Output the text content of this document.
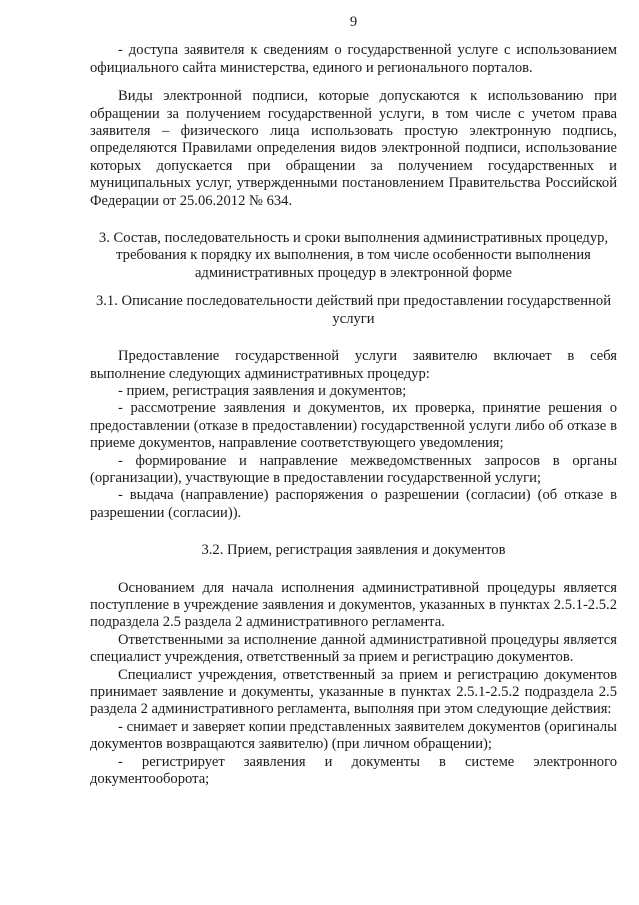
9

- доступа заявителя к сведениям о государственной услуге с использованием официального сайта министерства, единого и регионального порталов.

Виды электронной подписи, которые допускаются к использованию при обращении за получением государственной услуги, в том числе с учетом права заявителя – физического лица использовать простую электронную подпись, определяются Правилами определения видов электронной подписи, использование которых допускается при обращении за получением государственных и муниципальных услуг, утвержденными постановлением Правительства Российской Федерации от 25.06.2012 № 634.

3. Состав, последовательность и сроки выполнения административных процедур, требования к порядку их выполнения, в том числе особенности выполнения административных процедур в электронной форме

3.1. Описание последовательности действий при предоставлении государственной услуги

Предоставление государственной услуги заявителю включает в себя выполнение следующих административных процедур:

- прием, регистрация заявления и документов;

- рассмотрение заявления и документов, их проверка, принятие решения о предоставлении (отказе в предоставлении) государственной услуги либо об отказе в приеме документов, направление соответствующего уведомления;

- формирование и направление межведомственных запросов в органы (организации), участвующие в предоставлении государственной услуги;

- выдача (направление) распоряжения о разрешении (согласии) (об отказе в разрешении (согласии)).

3.2. Прием, регистрация заявления и документов

Основанием для начала исполнения административной процедуры является поступление в учреждение заявления и документов, указанных в пунктах 2.5.1-2.5.2 подраздела 2.5 раздела 2 административного регламента.

Ответственными за исполнение данной административной процедуры является специалист учреждения, ответственный за прием и регистрацию документов.

Специалист учреждения, ответственный за прием и регистрацию документов принимает заявление и документы, указанные в пунктах 2.5.1-2.5.2 подраздела 2.5 раздела 2 административного регламента, выполняя при этом следующие действия:

- снимает и заверяет копии представленных заявителем документов (оригиналы документов возвращаются заявителю) (при личном обращении);

- регистрирует заявления и документы в системе электронного документооборота;
